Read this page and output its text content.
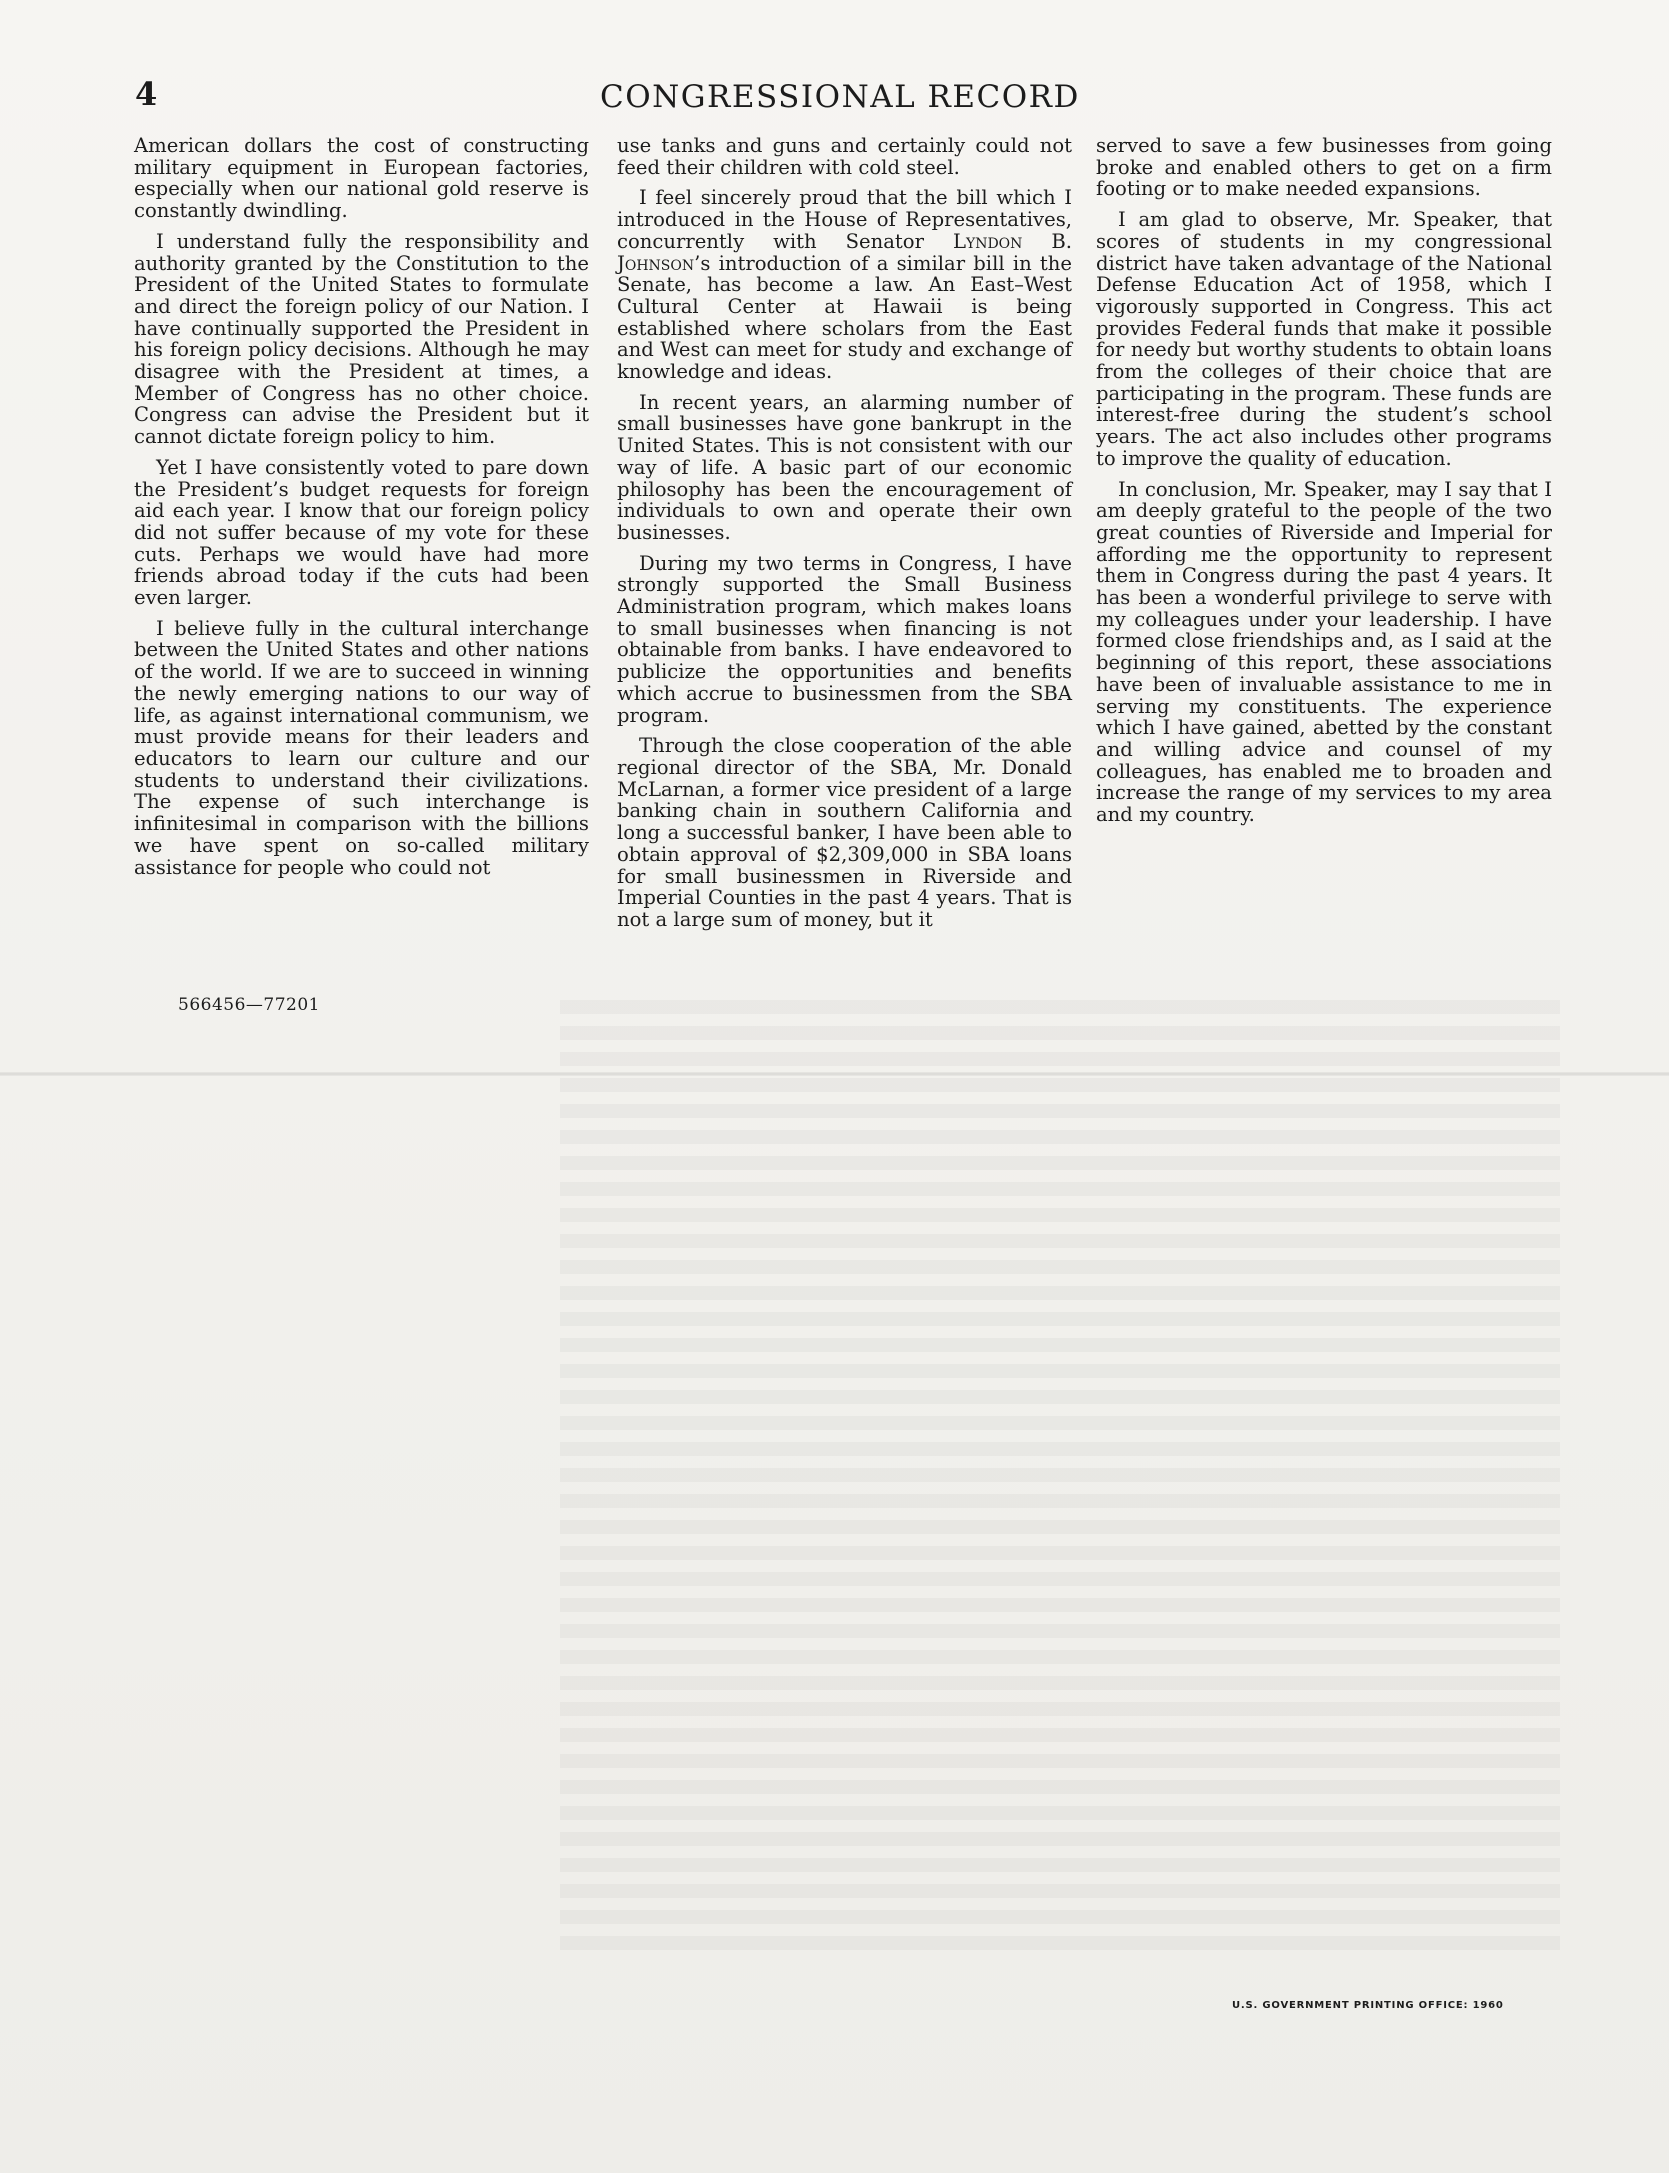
4	CONGRESSIONAL RECORD

American dollars the cost of constructing military equipment in European factories, especially when our national gold reserve is constantly dwindling.

I understand fully the responsibility and authority granted by the Constitution to the President of the United States to formulate and direct the foreign policy of our Nation. I have continually supported the President in his foreign policy decisions. Although he may disagree with the President at times, a Member of Congress has no other choice. Congress can advise the President but it cannot dictate foreign policy to him.

Yet I have consistently voted to pare down the President’s budget requests for foreign aid each year. I know that our foreign policy did not suffer because of my vote for these cuts. Perhaps we would have had more friends abroad today if the cuts had been even larger.

I believe fully in the cultural interchange between the United States and other nations of the world. If we are to succeed in winning the newly emerging nations to our way of life, as against international communism, we must provide means for their leaders and educators to learn our culture and our students to understand their civilizations. The expense of such interchange is infinitesimal in comparison with the billions we have spent on so-called military assistance for people who could not

use tanks and guns and certainly could not feed their children with cold steel.

I feel sincerely proud that the bill which I introduced in the House of Representatives, concurrently with Senator Lyndon B. Johnson’s introduction of a similar bill in the Senate, has become a law. An East–West Cultural Center at Hawaii is being established where scholars from the East and West can meet for study and exchange of knowledge and ideas.

In recent years, an alarming number of small businesses have gone bankrupt in the United States. This is not consistent with our way of life. A basic part of our economic philosophy has been the encouragement of individuals to own and operate their own businesses.

During my two terms in Congress, I have strongly supported the Small Business Administration program, which makes loans to small businesses when financing is not obtainable from banks. I have endeavored to publicize the opportunities and benefits which accrue to businessmen from the SBA program.

Through the close cooperation of the able regional director of the SBA, Mr. Donald McLarnan, a former vice president of a large banking chain in southern California and long a successful banker, I have been able to obtain approval of $2,309,000 in SBA loans for small businessmen in Riverside and Imperial Counties in the past 4 years. That is not a large sum of money, but it

served to save a few businesses from going broke and enabled others to get on a firm footing or to make needed expansions.

I am glad to observe, Mr. Speaker, that scores of students in my congressional district have taken advantage of the National Defense Education Act of 1958, which I vigorously supported in Congress. This act provides Federal funds that make it possible for needy but worthy students to obtain loans from the colleges of their choice that are participating in the program. These funds are interest-free during the student’s school years. The act also includes other programs to improve the quality of education.

In conclusion, Mr. Speaker, may I say that I am deeply grateful to the people of the two great counties of Riverside and Imperial for affording me the opportunity to represent them in Congress during the past 4 years. It has been a wonderful privilege to serve with my colleagues under your leadership. I have formed close friendships and, as I said at the beginning of this report, these associations have been of invaluable assistance to me in serving my constituents. The experience which I have gained, abetted by the constant and willing advice and counsel of my colleagues, has enabled me to broaden and increase the range of my services to my area and my country.

566456—77201
U.S. GOVERNMENT PRINTING OFFICE: 1960
